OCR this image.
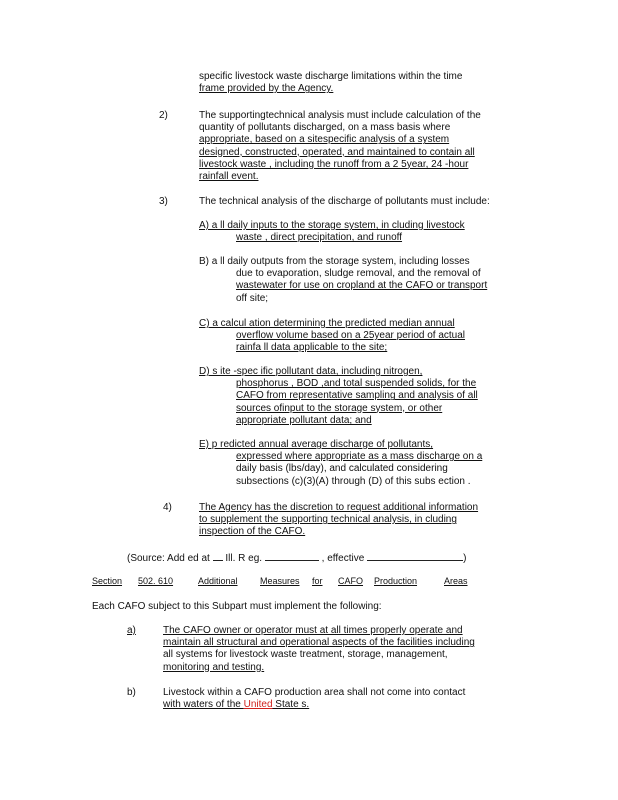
specific livestock waste discharge limitations within the time
frame provided by the Agency.
2)	The supportingtechnical analysis must include calculation of the
quantity of pollutants discharged, on a mass basis where
appropriate, based on a sitespecific analysis of a system
designed, constructed, operated, and maintained to contain all
livestock waste , including the runoff from a 2 5year, 24 -hour
rainfall event.
3)	The technical analysis of the discharge of pollutants must include:
A) a ll daily inputs to the storage system, in cluding livestock
waste , direct precipitation, and runoff
B) a ll daily outputs from the storage system, including losses
due to evaporation, sludge removal, and the removal of
wastewater for use on cropland at the CAFO or transport
off site;
C) a calcul ation determining the predicted median annual
overflow volume based on a 25year period of actual
rainfa ll data applicable to the site;
D) s ite -spec ific pollutant data, including nitrogen,
phosphorus , BOD ,and total suspended solids, for the
CAFO from representative sampling and analysis of all
sources ofinput to the storage system, or other
appropriate pollutant data; and

E) p redicted annual average discharge of pollutants,
expressed where appropriate as a mass discharge on a
daily basis (lbs/day), and calculated considering
subsections (c)(3)(A) through (D) of this subs ection .
4)	The Agency has the discretion to request additional information
to supplement the supporting technical analysis, in cluding
inspection of the CAFO.
(Source: Add ed at Ill. R eg.	, effective	)
Section 502. 610	Additional Measures for CAFO Production	Areas
Each CAFO subject to this Subpart must implement the following:
a)	The CAFO owner or operator must at all times properly operate and
maintain all structural and operational aspects of the facilities including
all systems for livestock waste treatment, storage, management,
monitoring and testing.
b)	Livestock within a CAFO production area shall not come into contact
with waters of the United State s.
